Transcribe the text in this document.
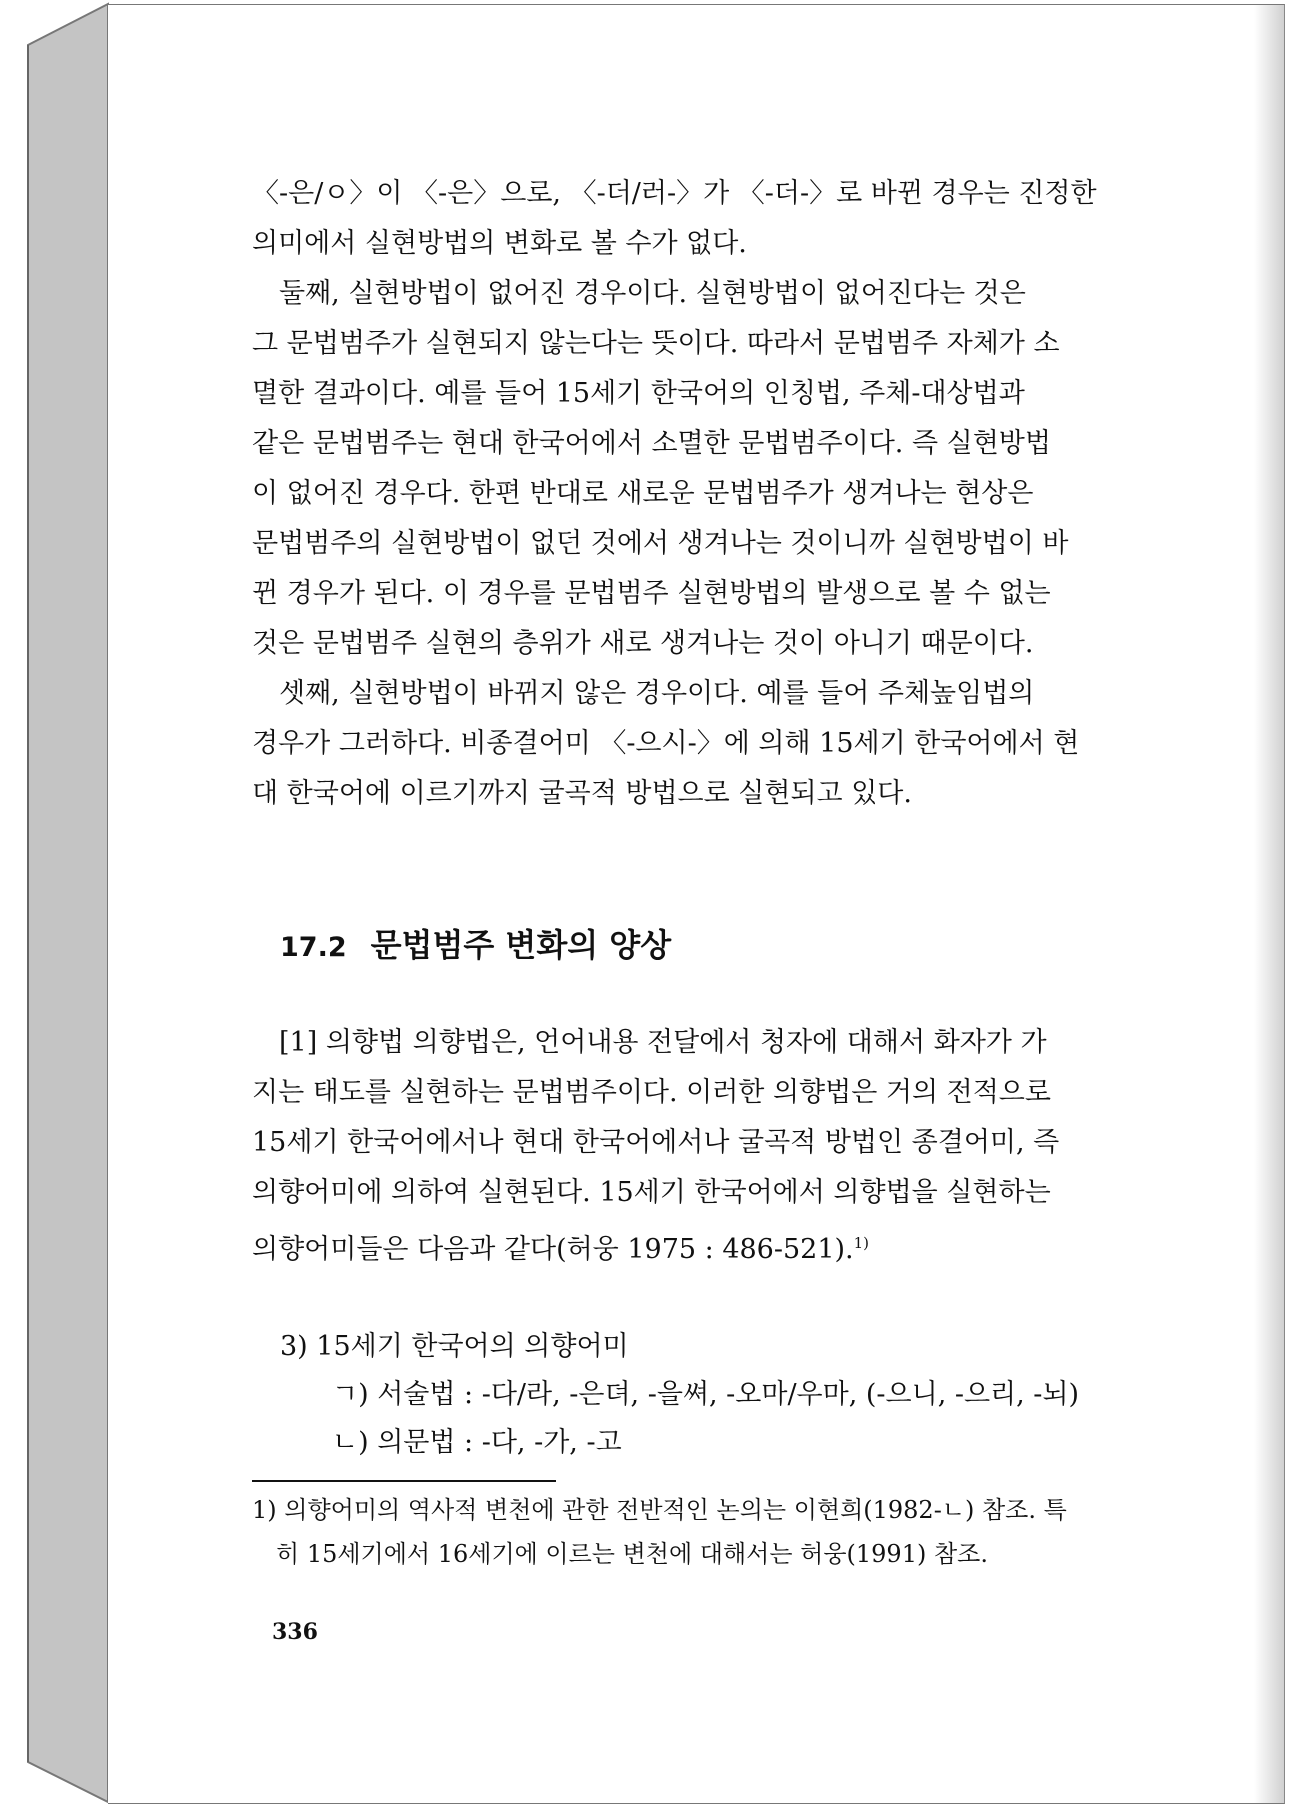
〈-은/ㅇ〉이 〈-은〉으로, 〈-더/러-〉가 〈-더-〉로 바뀐 경우는 진정한

의미에서 실현방법의 변화로 볼 수가 없다.

둘째, 실현방법이 없어진 경우이다. 실현방법이 없어진다는 것은

그 문법범주가 실현되지 않는다는 뜻이다. 따라서 문법범주 자체가 소

멸한 결과이다. 예를 들어 15세기 한국어의 인칭법, 주체-대상법과

같은 문법범주는 현대 한국어에서 소멸한 문법범주이다. 즉 실현방법

이 없어진 경우다. 한편 반대로 새로운 문법범주가 생겨나는 현상은

문법범주의 실현방법이 없던 것에서 생겨나는 것이니까 실현방법이 바

뀐 경우가 된다. 이 경우를 문법범주 실현방법의 발생으로 볼 수 없는

것은 문법범주 실현의 층위가 새로 생겨나는 것이 아니기 때문이다.

셋째, 실현방법이 바뀌지 않은 경우이다. 예를 들어 주체높임법의

경우가 그러하다. 비종결어미 〈-으시-〉에 의해 15세기 한국어에서 현

대 한국어에 이르기까지 굴곡적 방법으로 실현되고 있다.

17.2 문법범주 변화의 양상

[1] 의향법 의향법은, 언어내용 전달에서 청자에 대해서 화자가 가

지는 태도를 실현하는 문법범주이다. 이러한 의향법은 거의 전적으로

15세기 한국어에서나 현대 한국어에서나 굴곡적 방법인 종결어미, 즉

의향어미에 의하여 실현된다. 15세기 한국어에서 의향법을 실현하는

의향어미들은 다음과 같다(허웅 1975 : 486-521).$^{1)}$

3) 15세기 한국어의 의향어미

ㄱ) 서술법 : -다/라, -은뎌, -을쎠, -오마/우마, (-으니, -으리, -뇌)

ㄴ) 의문법 : -다, -가, -고

1) 의향어미의 역사적 변천에 관한 전반적인 논의는 이현희(1982-ㄴ) 참조. 특
히 15세기에서 16세기에 이르는 변천에 대해서는 허웅(1991) 참조.

336
